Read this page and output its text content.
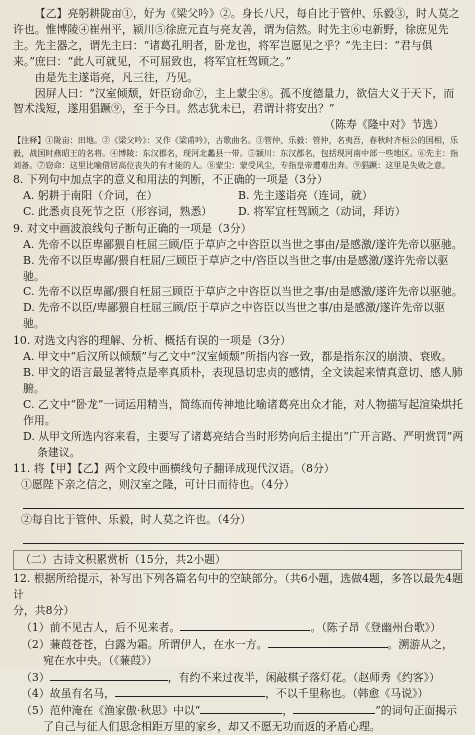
【乙】亮躬耕陇亩①，好为《梁父吟》②。身长八尺，每自比于管仲、乐毅③，时人莫之许也。惟博陵④崔州平，颍川⑤徐庶元直与亮友善，谓为信然。时先主⑥屯新野，徐庶见先主。先主器之，谓先主曰：“诸葛孔明者，卧龙也，将军岂愿见之乎？”先主曰：“君与俱来。”庶曰：“此人可就见，不可屈致也，将军宜枉驾顾之。”

由是先主遂诣亮，凡三往，乃见。

因屏人曰：“汉室倾颓，奸臣窃命⑦，主上蒙尘⑧。孤不度德量力，欲信大义于天下，而智术浅短，遂用猖蹶⑨，至于今日。然志犹未已，君谓计将安出？”

（陈寿《隆中对》节选）

【注释】①陇亩：田地。②《梁父吟》：又作《梁甫吟》，古歌曲名。③管仲、乐毅：管仲，名夷吾，春秋时齐桓公的国相，乐毅，战国时燕昭王的名将。④博陵：东汉郡名，现河北蠡县一带。⑤颍川：东汉郡名，包括现河南中部一些地区。⑥先主：指刘备。⑦窃命：这里比喻借居高位丧失的有才能的人。⑧蒙尘：蒙受风尘，专指皇帝遭难出奔。⑨猖蹶：这里是失败之意。

8. 下列句中加点字的意义和用法的判断，不正确的一项是（3分）

A. 躬耕于南阳（介词，在）	B. 先主遂诣亮（连词，就）
C. 此悉贞良死节之臣（形容词，熟悉）	D. 将军宜枉驾顾之（动词，拜访）

9. 对文中画波浪线句子断句正确的一项是（3分）

A. 先帝不以臣卑鄙猥自枉屈三顾/臣于草庐之中咨臣以当世之事由/是感激/遂许先帝以驱驰。

B. 先帝不以臣卑鄙/猥自枉屈/三顾臣于草庐之中/咨臣以当世之事/由是感激/遂许先帝以驱驰。

C. 先帝不以臣卑鄙/猥自枉屈三顾臣于草庐之中咨臣以当世之事/由是感激/遂许先帝以驱驰。

D. 先帝不以臣/卑鄙猥自枉屈三顾/臣于草庐之中咨臣以当世之事/由是感激/遂许先帝以驱驰。

10. 对选文内容的理解、分析、概括有误的一项是（3分）

A. 甲文中“后汉所以倾颓”与乙文中“汉室倾颓”所指内容一致，都是指东汉的崩溃、衰败。

B. 甲文的语言最显著特点是率真质朴，表现恳切忠贞的感情，全文读起来情真意切、感人肺腑。

C. 乙文中“卧龙”一词运用精当，简练而传神地比喻诸葛亮出众才能，对人物描写起渲染烘托作用。

D. 从甲文所选内容来看，主要写了诸葛亮结合当时形势向后主提出“广开言路、严明赏罚”两

条建议。

11. 将【甲】【乙】两个文段中画横线句子翻译成现代汉语。（8分）

①愿陛下亲之信之，则汉室之隆，可计日而待也。（4分）

②每自比于管仲、乐毅，时人莫之许也。（4分）

（二）古诗文积累赏析（15分，共2小题）

12. 根据所给提示，补写出下列各篇名句中的空缺部分。（共6小题，选做4题，多答以最先4题计

分，共8分）

（1）前不见古人，后不见来者。	。（陈子昂《登幽州台歌》）

（2）蒹葭苍苍，白露为霜。所谓伊人，在水一方。	。溯游从之，

宛在水中央。（《蒹葭》）

（3）	，有约不来过夜半，闲敲棋子落灯花。（赵师秀《约客》）

（4）故虽有名马，	，不以千里称也。（韩愈《马说》）

（5）范仲淹在《渔家傲·秋思》中以“	，	”的词句正面揭示

了自己与征人们思念相距万里的家乡，却又不愿无功而返的矛盾心理。
